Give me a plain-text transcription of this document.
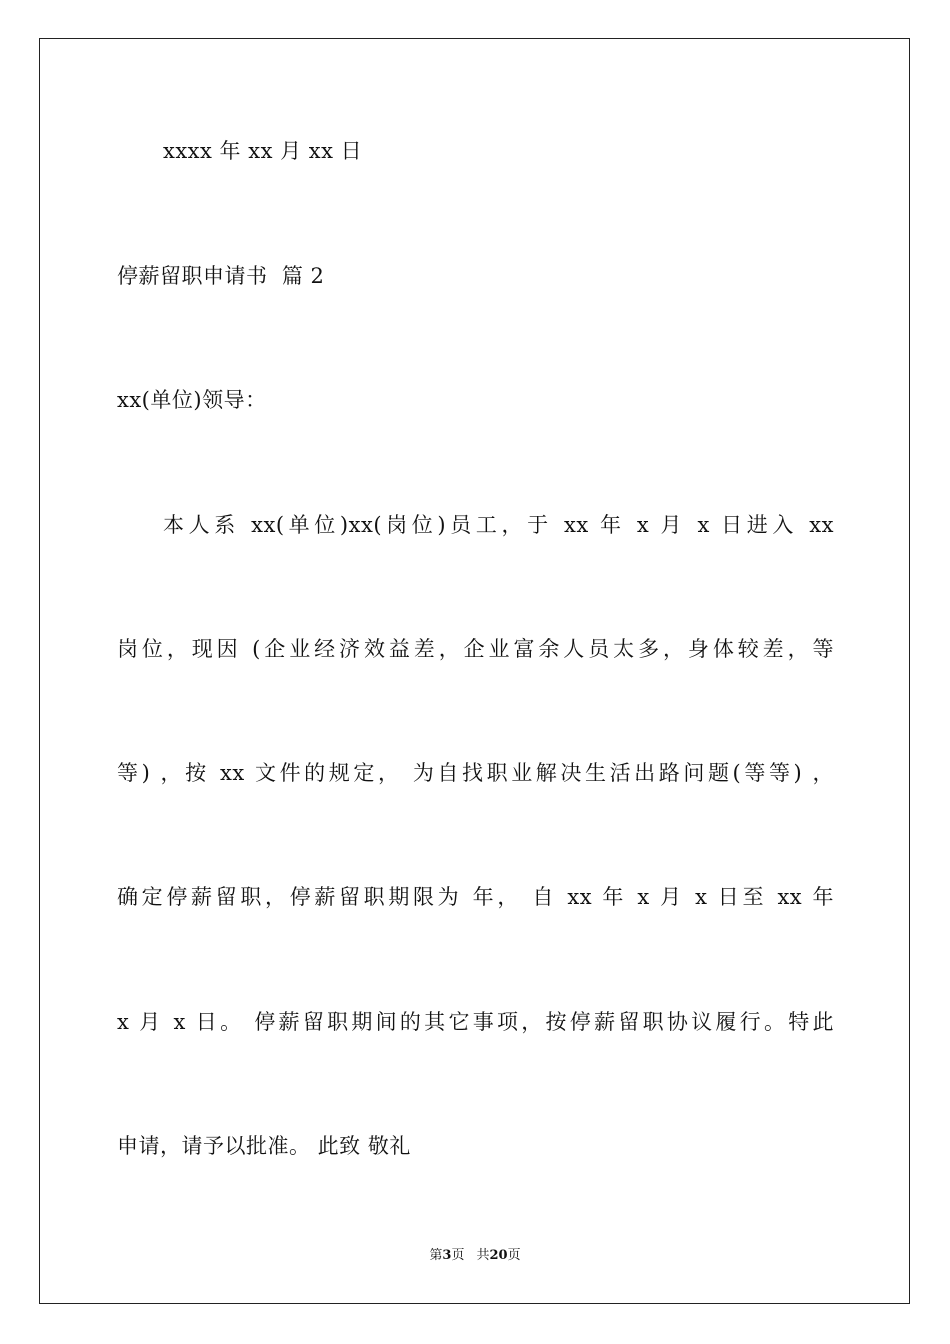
xxxx 年 xx 月 xx 日
停薪留职申请书  篇 2
xx(单位)领导：
本人系 xx(单位)xx(岗位)员工，于 xx 年 x 月 x 日进入 xx
岗位，现因 (企业经济效益差，企业富余人员太多，身体较差，等
等) ，按 xx 文件的规定， 为自找职业解决生活出路问题(等等) ，
确定停薪留职，停薪留职期限为 年， 自 xx 年 x 月 x 日至 xx 年
x 月 x 日。 停薪留职期间的其它事项，按停薪留职协议履行。特此
申请，请予以批准。 此致 敬礼
第3页 共20页
